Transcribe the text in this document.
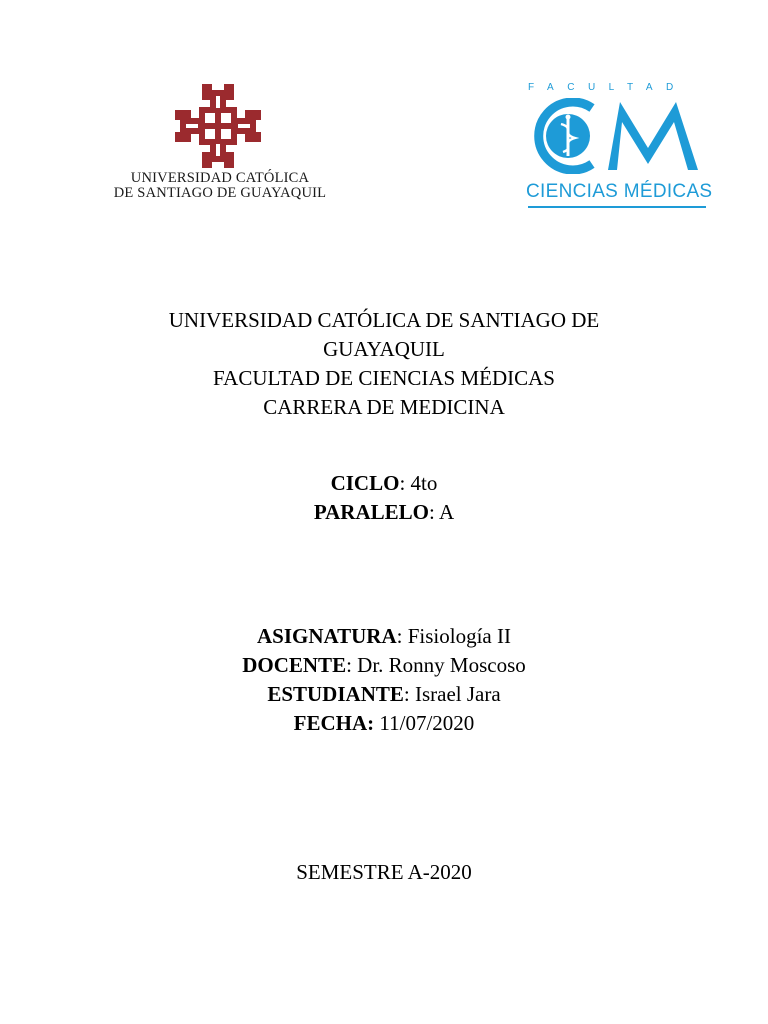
UNIVERSIDAD CATÓLICA
DE SANTIAGO DE GUAYAQUIL
FACULTAD
CIENCIAS MÉDICAS

UNIVERSIDAD CATÓLICA DE SANTIAGO DE

GUAYAQUIL

FACULTAD DE CIENCIAS MÉDICAS

CARRERA DE MEDICINA

CICLO: 4to

PARALELO: A

ASIGNATURA: Fisiología II

DOCENTE: Dr. Ronny Moscoso

ESTUDIANTE: Israel Jara

FECHA: 11/07/2020

SEMESTRE A-2020
